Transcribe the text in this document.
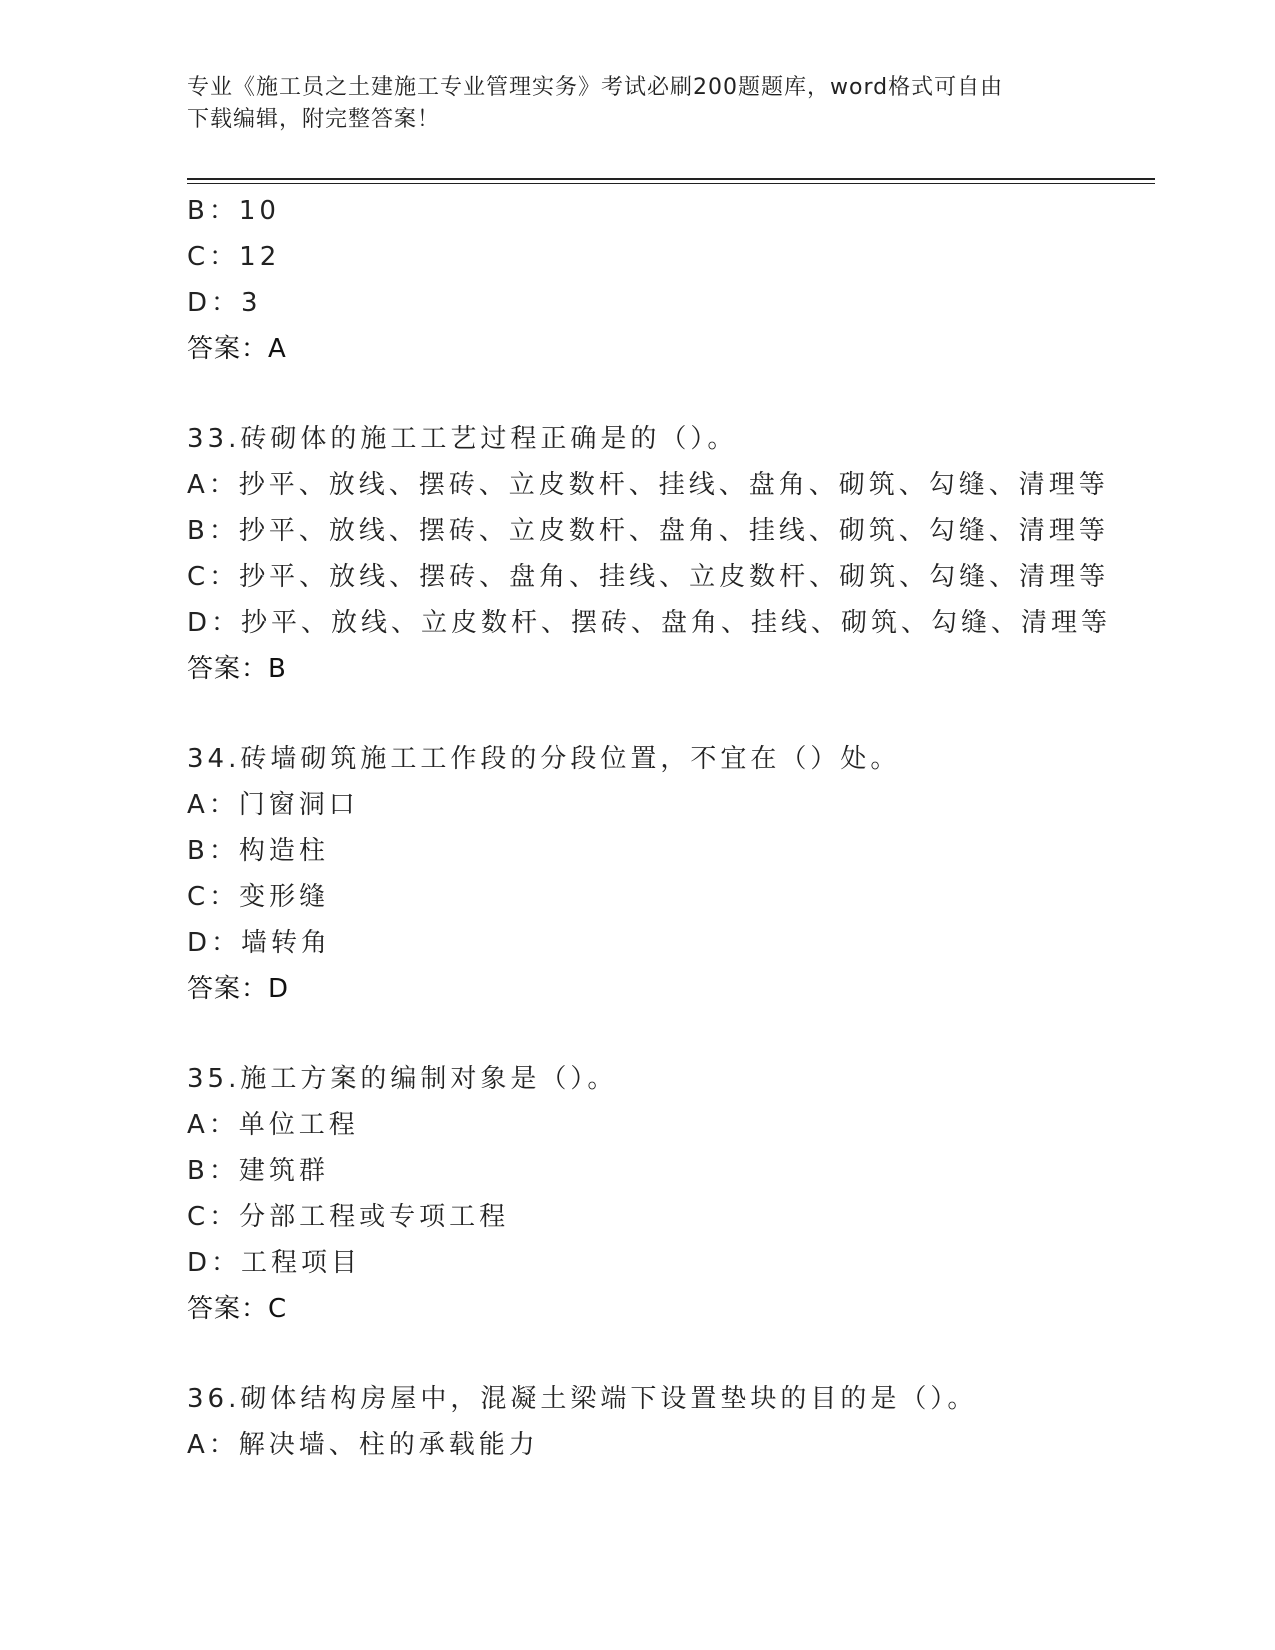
专业《施工员之土建施工专业管理实务》考试必刷200题题库，word格式可自由
下载编辑，附完整答案！
B：10
C：12
D：3
答案：A
33.砖砌体的施工工艺过程正确是的（）。
A：抄平、放线、摆砖、立皮数杆、挂线、盘角、砌筑、勾缝、清理等
B：抄平、放线、摆砖、立皮数杆、盘角、挂线、砌筑、勾缝、清理等
C：抄平、放线、摆砖、盘角、挂线、立皮数杆、砌筑、勾缝、清理等
D：抄平、放线、立皮数杆、摆砖、盘角、挂线、砌筑、勾缝、清理等
答案：B
34.砖墙砌筑施工工作段的分段位置，不宜在（）处。
A：门窗洞口
B：构造柱
C：变形缝
D：墙转角
答案：D
35.施工方案的编制对象是（）。
A：单位工程
B：建筑群
C：分部工程或专项工程
D：工程项目
答案：C
36.砌体结构房屋中，混凝土梁端下设置垫块的目的是（）。
A：解决墙、柱的承载能力
